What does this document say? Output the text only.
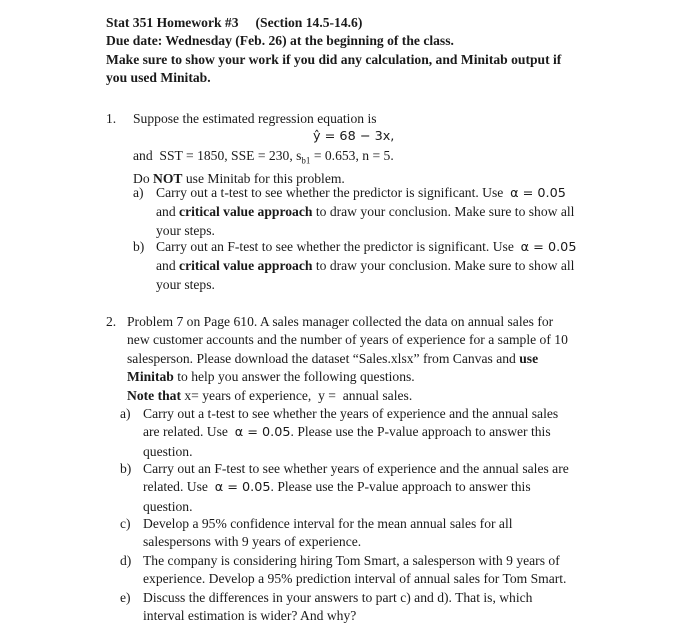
Stat 351 Homework #3     (Section 14.5-14.6)
Due date: Wednesday (Feb. 26) at the beginning of the class.
Make sure to show your work if you did any calculation, and Minitab output if
you used Minitab.
1. Suppose the estimated regression equation is
ŷ = 68 − 3x,
and  SST = 1850, SSE = 230, $s_{b1} = 0.653$, n = 5.
Do NOT use Minitab for this problem.
a) Carry out a t-test to see whether the predictor is significant. Use  α = 0.05
and critical value approach to draw your conclusion. Make sure to show all
your steps.
b) Carry out an F-test to see whether the predictor is significant. Use  α = 0.05
and critical value approach to draw your conclusion. Make sure to show all
your steps.
2. Problem 7 on Page 610. A sales manager collected the data on annual sales for
new customer accounts and the number of years of experience for a sample of 10
salesperson. Please download the dataset “Sales.xlsx” from Canvas and use
Minitab to help you answer the following questions.
Note that x= years of experience,  y =  annual sales.
a) Carry out a t-test to see whether the years of experience and the annual sales
are related. Use  α = 0.05. Please use the P-value approach to answer this
question.
b) Carry out an F-test to see whether years of experience and the annual sales are
related. Use  α = 0.05. Please use the P-value approach to answer this
question.
c) Develop a 95% confidence interval for the mean annual sales for all
salespersons with 9 years of experience.
d) The company is considering hiring Tom Smart, a salesperson with 9 years of
experience. Develop a 95% prediction interval of annual sales for Tom Smart.
e) Discuss the differences in your answers to part c) and d). That is, which
interval estimation is wider? And why?
